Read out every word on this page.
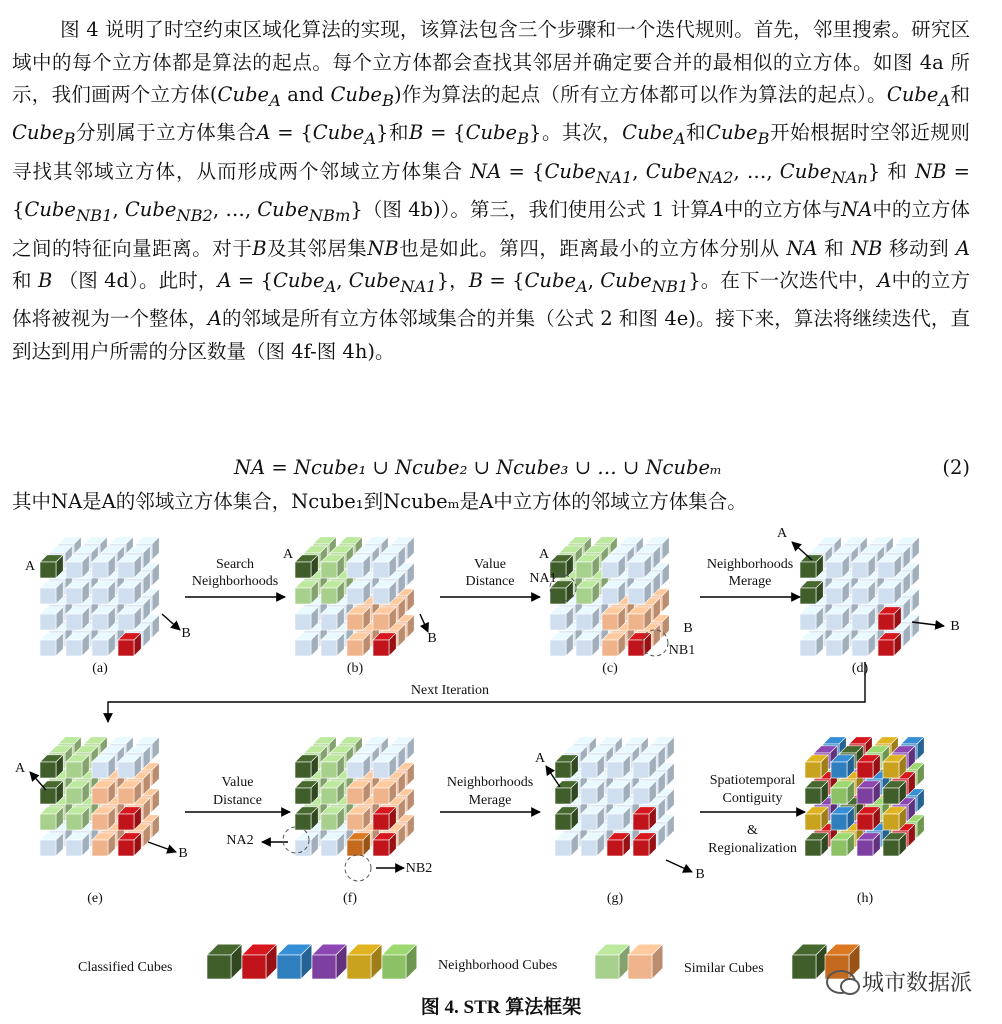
图 4 说明了时空约束区域化算法的实现，该算法包含三个步骤和一个迭代规则。首先，邻里搜索。研究区域中的每个立方体都是算法的起点。每个立方体都会查找其邻居并确定要合并的最相似的立方体。如图 4a 所示，我们画两个立方体(Cube$_A$ and Cube$_B$)作为算法的起点（所有立方体都可以作为算法的起点）。Cube$_A$和Cube$_B$分别属于立方体集合A = {Cube$_A$}和B = {Cube$_B$}。其次，Cube$_A$和Cube$_B$开始根据时空邻近规则寻找其邻域立方体，从而形成两个邻域立方体集合 NA = {Cube$_{NA1}$, Cube$_{NA2}$, …, Cube$_{NAn}$} 和 NB = {Cube$_{NB1}$, Cube$_{NB2}$, …, Cube$_{NBm}$}（图 4b)）。第三，我们使用公式 1 计算A中的立方体与NA中的立方体之间的特征向量距离。对于B及其邻居集NB也是如此。第四，距离最小的立方体分别从 NA 和 NB 移动到 A 和 B （图 4d）。此时，A = {Cube$_A$, Cube$_{NA1}$}，B = {Cube$_A$, Cube$_{NB1}$}。在下一次迭代中，A中的立方体将被视为一个整体，A的邻域是所有立方体邻域集合的并集（公式 2 和图 4e)。接下来，算法将继续迭代，直到达到用户所需的分区数量（图 4f-图 4h)。

NA = Ncube₁ ∪ Ncube₂ ∪ Ncube₃ ∪ … ∪ Ncubeₘ	(2)
其中NA是A的邻域立方体集合，Ncube₁到Ncubeₘ是A中立方体的邻域立方体集合。
(a)	(b)	(c)	(d)
(e)	(f)	(g)	(h)
Search
Neighborhoods
Value
Distance
Neighborhoods
Merage
Next Iteration
Value
Distance
Neighborhoods
Merage
Spatiotemporal
Contiguity
&
Regionalization
A
B
A
B
A
NA1
B
NB1
A
B
A
B
NA2
NB2
A
B
Classified Cubes	Neighborhood Cubes	Similar Cubes
图 4. STR 算法框架
城市数据派
